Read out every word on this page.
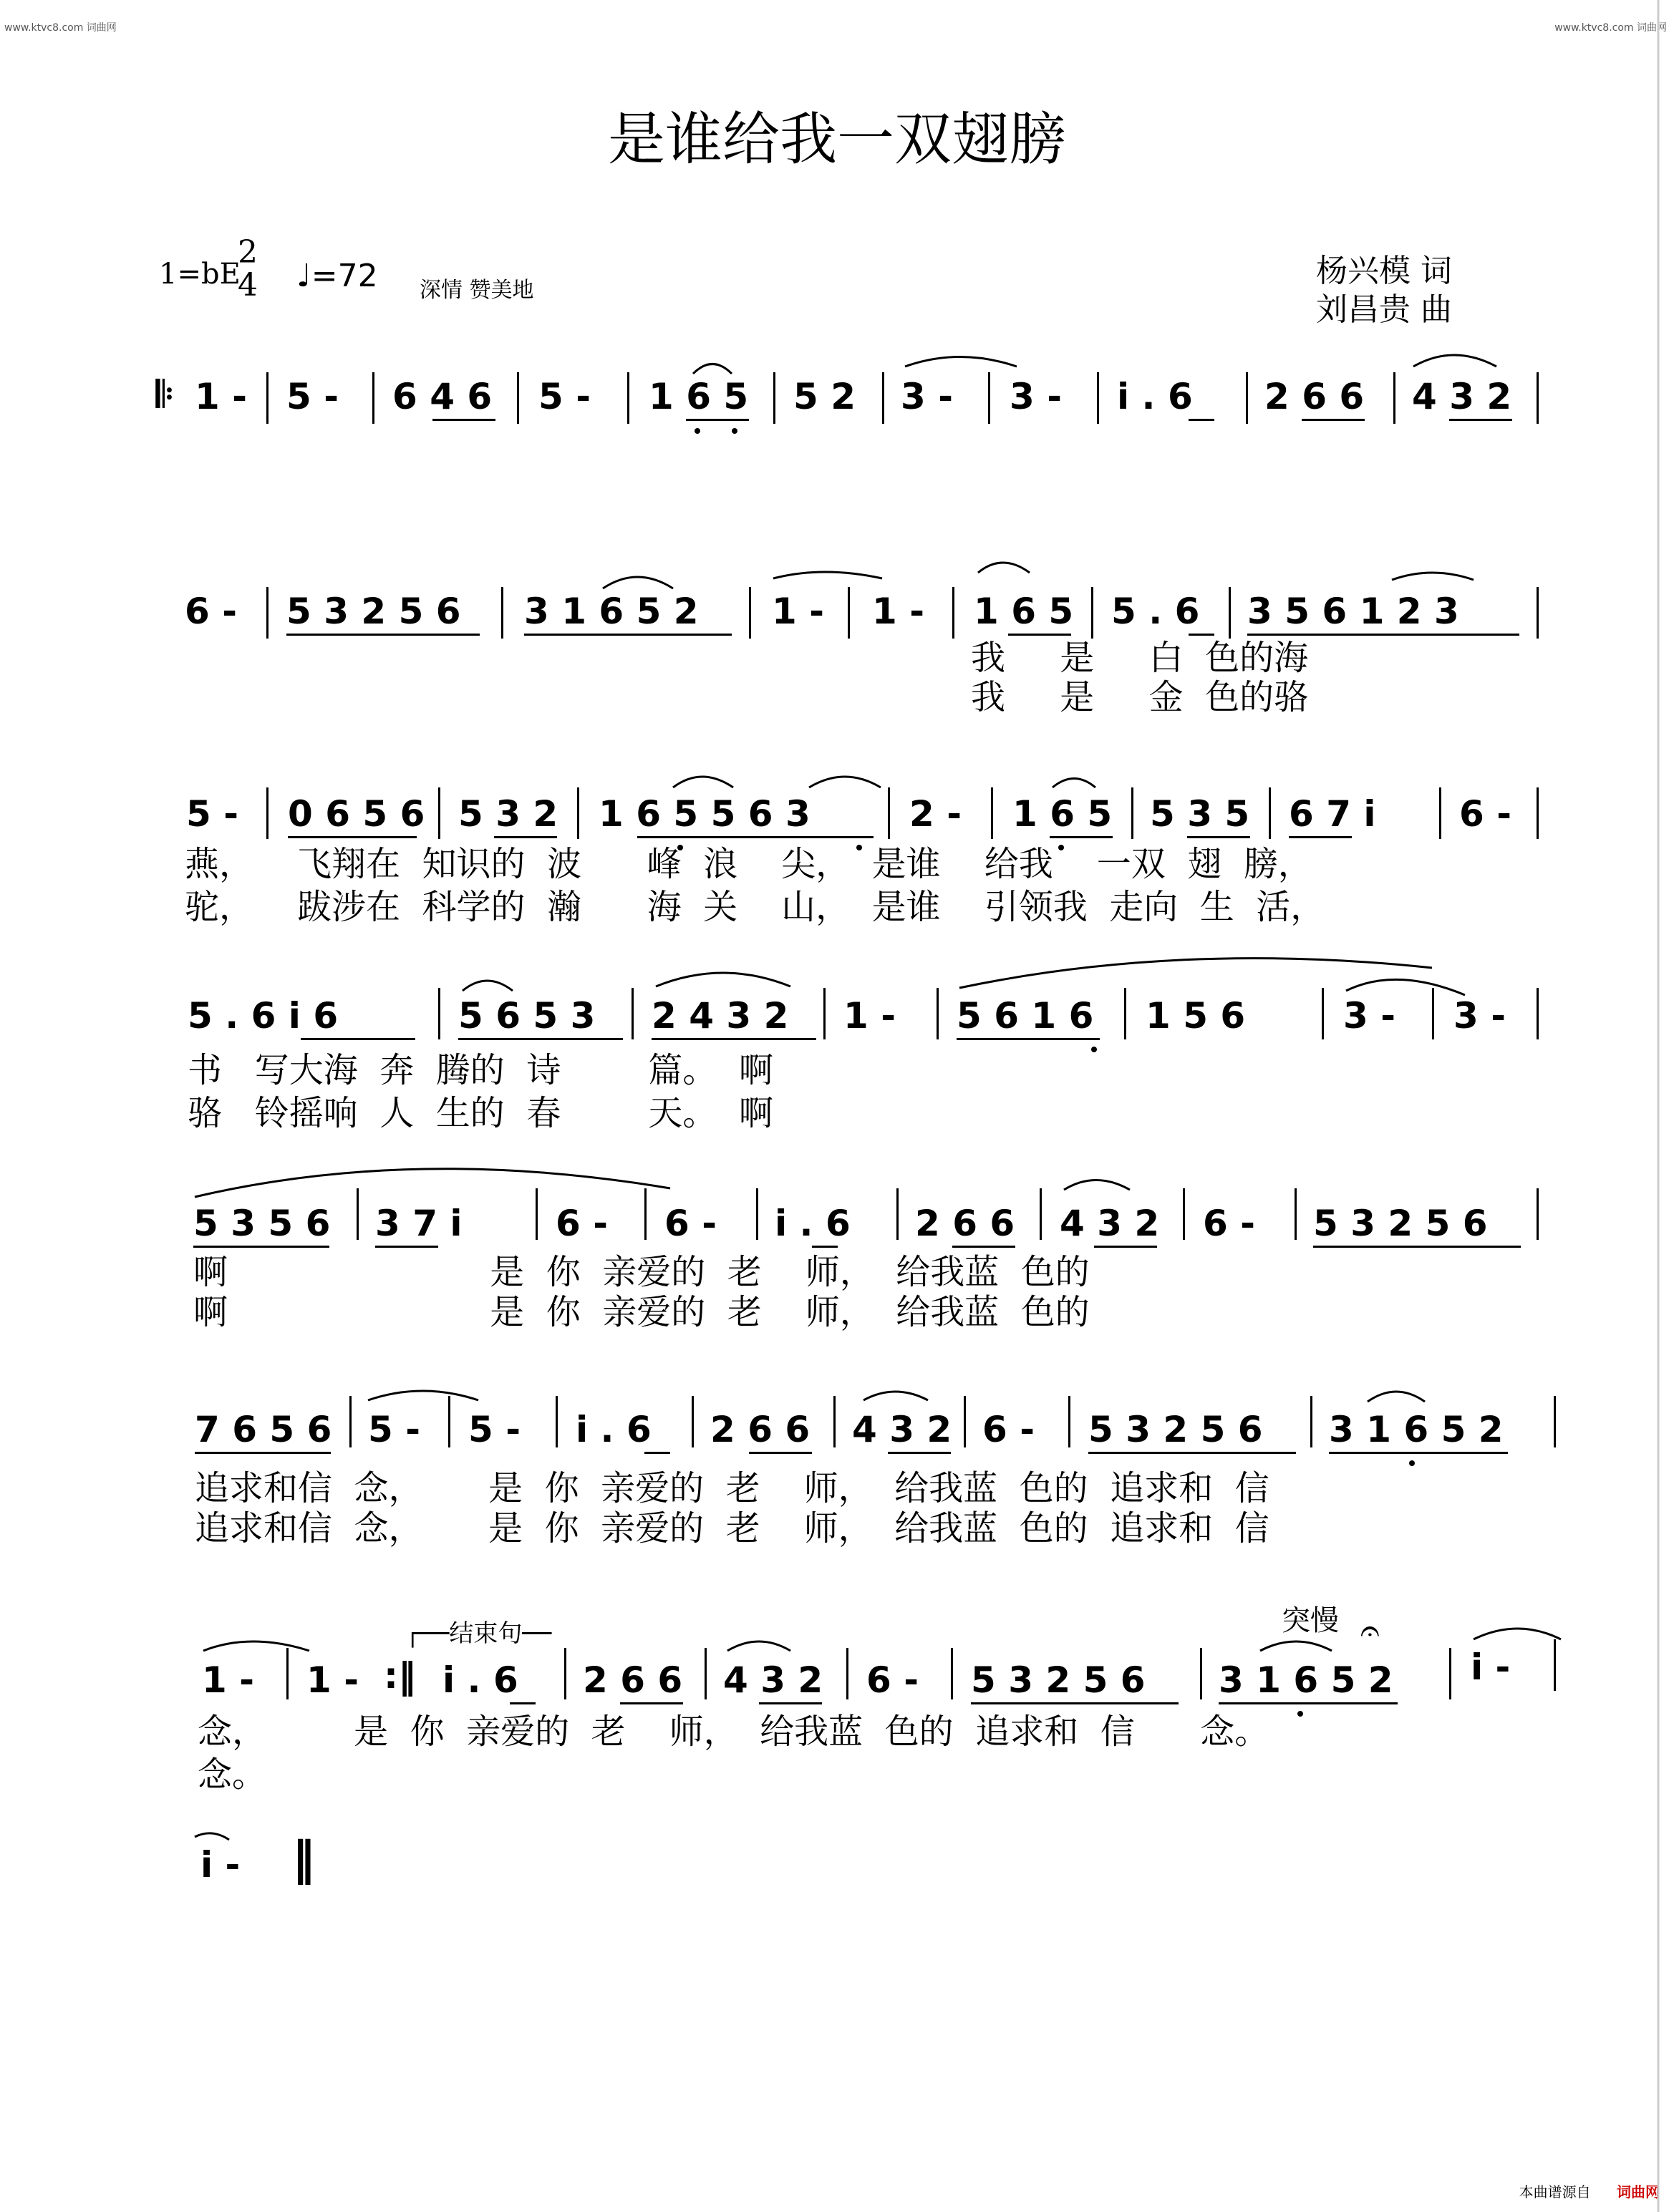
www.ktvc8.com 词曲网	www.ktvc8.com 词曲网
本曲谱源自 词曲网
是谁给我一双翅膀
1=bE
2
4 ♩=72 深情 赞美地
杨兴模 词
刘昌贵 曲
𝄆 1 - 5 - 6 4 6 5 - 1 6 5 5 2 3 - 3 - i . 6 2 6 6 4 3 2
6 - 5 3 2 5 6 3 1 6 5 2 1 - 1 - 1 6 5 5 . 6 3 5 6 1 2 3
我     是     白  色的海
我     是     金  色的骆
5 - 0 6 5 6 5 3 2 1 6 5 5 6 3	2 - 1 6 5 5 3 5 6 7 i 6 -
燕，    飞翔在  知识的  波      峰  浪    尖，  是谁    给我    一双  翅  膀，
驼，    跋涉在  科学的  瀚      海  关    山，  是谁    引领我  走向  生  活，
5 . 6 i 6	5 6 5 3 2 4 3 2 1 - 5 6 1 6 1 5 6	3 - 3 -
书   写大海  奔  腾的  诗        篇。  啊
骆   铃摇响  人  生的  春        天。  啊
5 3 5 6 3 7 i	6 - 6 - i . 6 2 6 6 4 3 2 6 - 5 3 2 5 6
啊                        是  你  亲爱的  老    师，  给我蓝  色的
啊                        是  你  亲爱的  老    师，  给我蓝  色的
7 6 5 6 5 - 5 - i . 6 2 6 6 4 3 2 6 - 5 3 2 5 6 3 1 6 5 2
追求和信  念，      是  你  亲爱的  老    师，  给我蓝  色的  追求和  信
追求和信  念，      是  你  亲爱的  老    师，  给我蓝  色的  追求和  信
┌──结束句──	突慢 𝄐
1 - 1 - :‖ i . 6 2 6 6 4 3 2 6 - 5 3 2 5 6 3 1 6 5 2 i -
念，        是  你  亲爱的  老    师，  给我蓝  色的  追求和  信      念。
念。
i - ‖
